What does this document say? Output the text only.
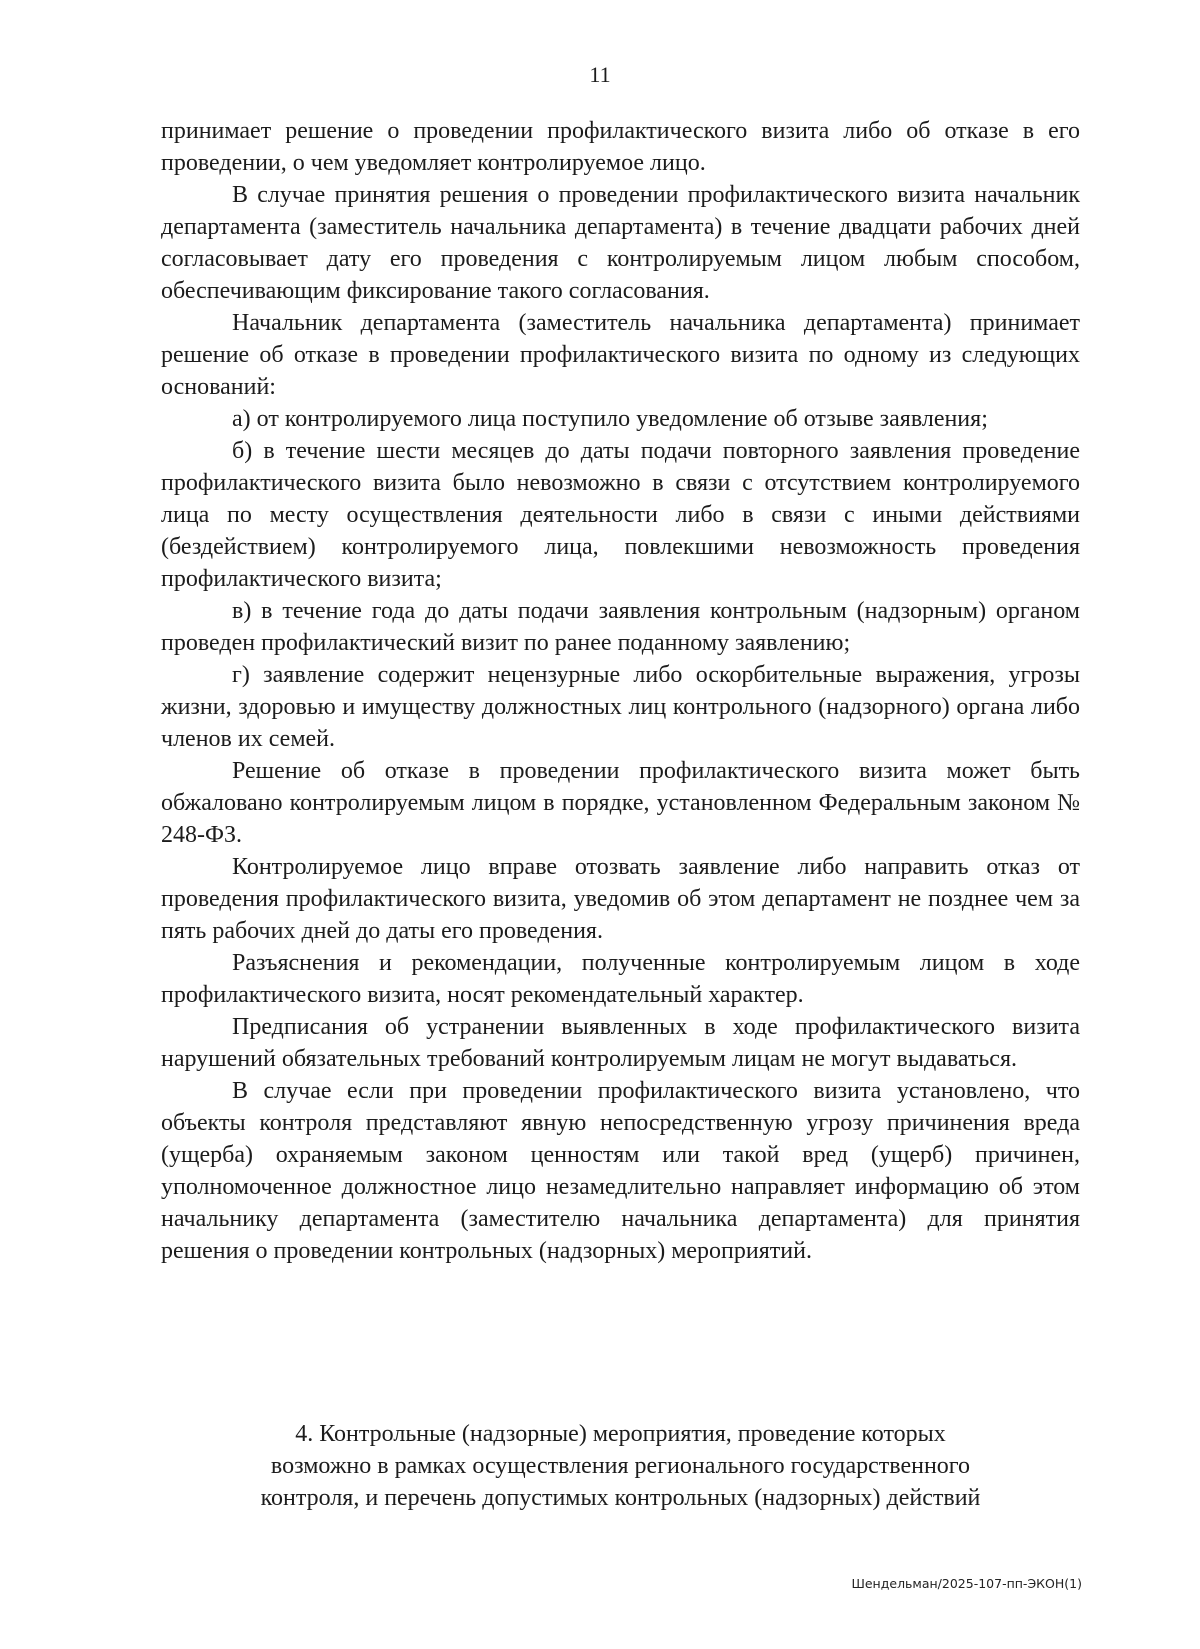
11

принимает решение о проведении профилактического визита либо об отказе в его проведении, о чем уведомляет контролируемое лицо.

В случае принятия решения о проведении профилактического визита начальник департамента (заместитель начальника департамента) в течение двадцати рабочих дней согласовывает дату его проведения с контролируемым лицом любым способом, обеспечивающим фиксирование такого согласования.

Начальник департамента (заместитель начальника департамента) принимает решение об отказе в проведении профилактического визита по одному из следующих оснований:

а) от контролируемого лица поступило уведомление об отзыве заявления;

б) в течение шести месяцев до даты подачи повторного заявления проведение профилактического визита было невозможно в связи с отсутствием контролируемого лица по месту осуществления деятельности либо в связи с иными действиями (бездействием) контролируемого лица, повлекшими невозможность проведения профилактического визита;

в) в течение года до даты подачи заявления контрольным (надзорным) органом проведен профилактический визит по ранее поданному заявлению;

г) заявление содержит нецензурные либо оскорбительные выражения, угрозы жизни, здоровью и имуществу должностных лиц контрольного (надзорного) органа либо членов их семей.

Решение об отказе в проведении профилактического визита может быть обжаловано контролируемым лицом в порядке, установленном Федеральным законом № 248-ФЗ.

Контролируемое лицо вправе отозвать заявление либо направить отказ от проведения профилактического визита, уведомив об этом департамент не позднее чем за пять рабочих дней до даты его проведения.

Разъяснения и рекомендации, полученные контролируемым лицом в ходе профилактического визита, носят рекомендательный характер.

Предписания об устранении выявленных в ходе профилактического визита нарушений обязательных требований контролируемым лицам не могут выдаваться.

В случае если при проведении профилактического визита установлено, что объекты контроля представляют явную непосредственную угрозу причинения вреда (ущерба) охраняемым законом ценностям или такой вред (ущерб) причинен, уполномоченное должностное лицо незамедлительно направляет информацию об этом начальнику департамента (заместителю начальника департамента) для принятия решения о проведении контрольных (надзорных) мероприятий.

4. Контрольные (надзорные) мероприятия, проведение которых
возможно в рамках осуществления регионального государственного
контроля, и перечень допустимых контрольных (надзорных) действий
Шендельман/2025-107-пп-ЭКОН(1)
